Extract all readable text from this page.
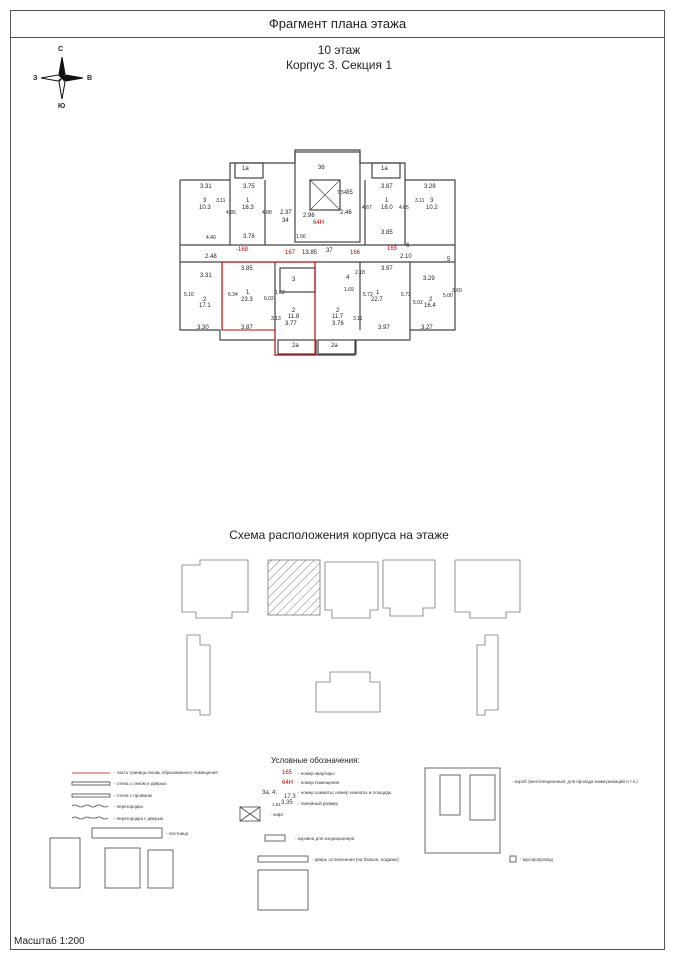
Фрагмент плана этажа
10 этаж
Корпус 3. Секция 1
С
Ю
З	В
1а	1а
3.31	3.75	3.87	3.28
3
10.3
1
18.3
1
18.0
3
10.2
3.11
4.85	4.88 2.37
34
2.96
64Н
7.54 35
2.46
4.67	4.65
3.11
36
3.78
3.85
1.56
37
13.85
167	166
-168	165 6
2.10
2.48
4.40
3.97
3.29
3.85
3.31
5.16
2
17.1
6.34 1
23.3 6.02
1.62
3	4
1.69
2.18
1
22.7
5.72	5.73
2
16.4
5.02
5.00
3.60
3.30	3.87
3.13
2
11.8
3.77
2
11.7
3.76
3.11
3.97	3.27
2а	2а
5
Схема расположения корпуса на этаже
Условные обозначения:
- часть границы вновь образованного помещения
- стена с окном и дверью
- стена с проёмом
- перегородка
- перегородка с дверью
- лестница
165
64Н
3а; 4;
17.3
1.61 3.35
- номер квартиры
- номер помещения
- номер комнаты; номер комнаты и площадь
- линейный размер
- лифт
- корзина для кондиционера
- дверь остекленная (на балкон, лоджию)
- короб (вентиляционный; для прохода коммуникаций и т.п.)
- мусоропровод
Масштаб 1:200
